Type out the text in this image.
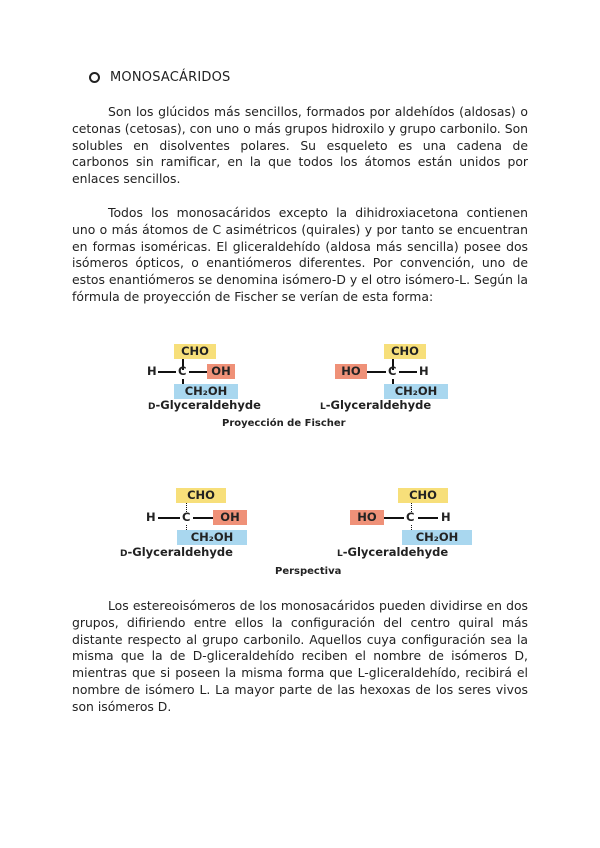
MONOSACÁRIDOS

Son los glúcidos más sencillos, formados por aldehídos (aldosas) o cetonas (cetosas), con uno o más grupos hidroxilo y grupo carbonilo. Son solubles en disolventes polares. Su esqueleto es una cadena de carbonos sin ramificar, en la que todos los átomos están unidos por enlaces sencillos.

Todos los monosacáridos excepto la dihidroxiacetona contienen uno o más átomos de C asimétricos (quirales) y por tanto se encuentran en formas isoméricas. El gliceraldehído (aldosa más sencilla) posee dos isómeros ópticos, o enantiómeros diferentes. Por convención, uno de estos enantiómeros se denomina isómero-D y el otro isómero-L. Según la fórmula de proyección de Fischer se verían de esta forma:

CHO
H C	OH
CH₂OH
D-Glyceraldehyde
CHO
HO	C H
CH₂OH
L-Glyceraldehyde
Proyección de Fischer
CHO
H C	OH
CH₂OH
D-Glyceraldehyde
CHO
HO	C H
CH₂OH
L-Glyceraldehyde
Perspectiva

Los estereoisómeros de los monosacáridos pueden dividirse en dos grupos, difiriendo entre ellos la configuración del centro quiral más distante respecto al grupo carbonilo. Aquellos cuya configuración sea la misma que la de D-gliceraldehído reciben el nombre de isómeros D, mientras que si poseen la misma forma que L-gliceraldehído, recibirá el nombre de isómero L. La mayor parte de las hexoxas de los seres vivos son isómeros D.
